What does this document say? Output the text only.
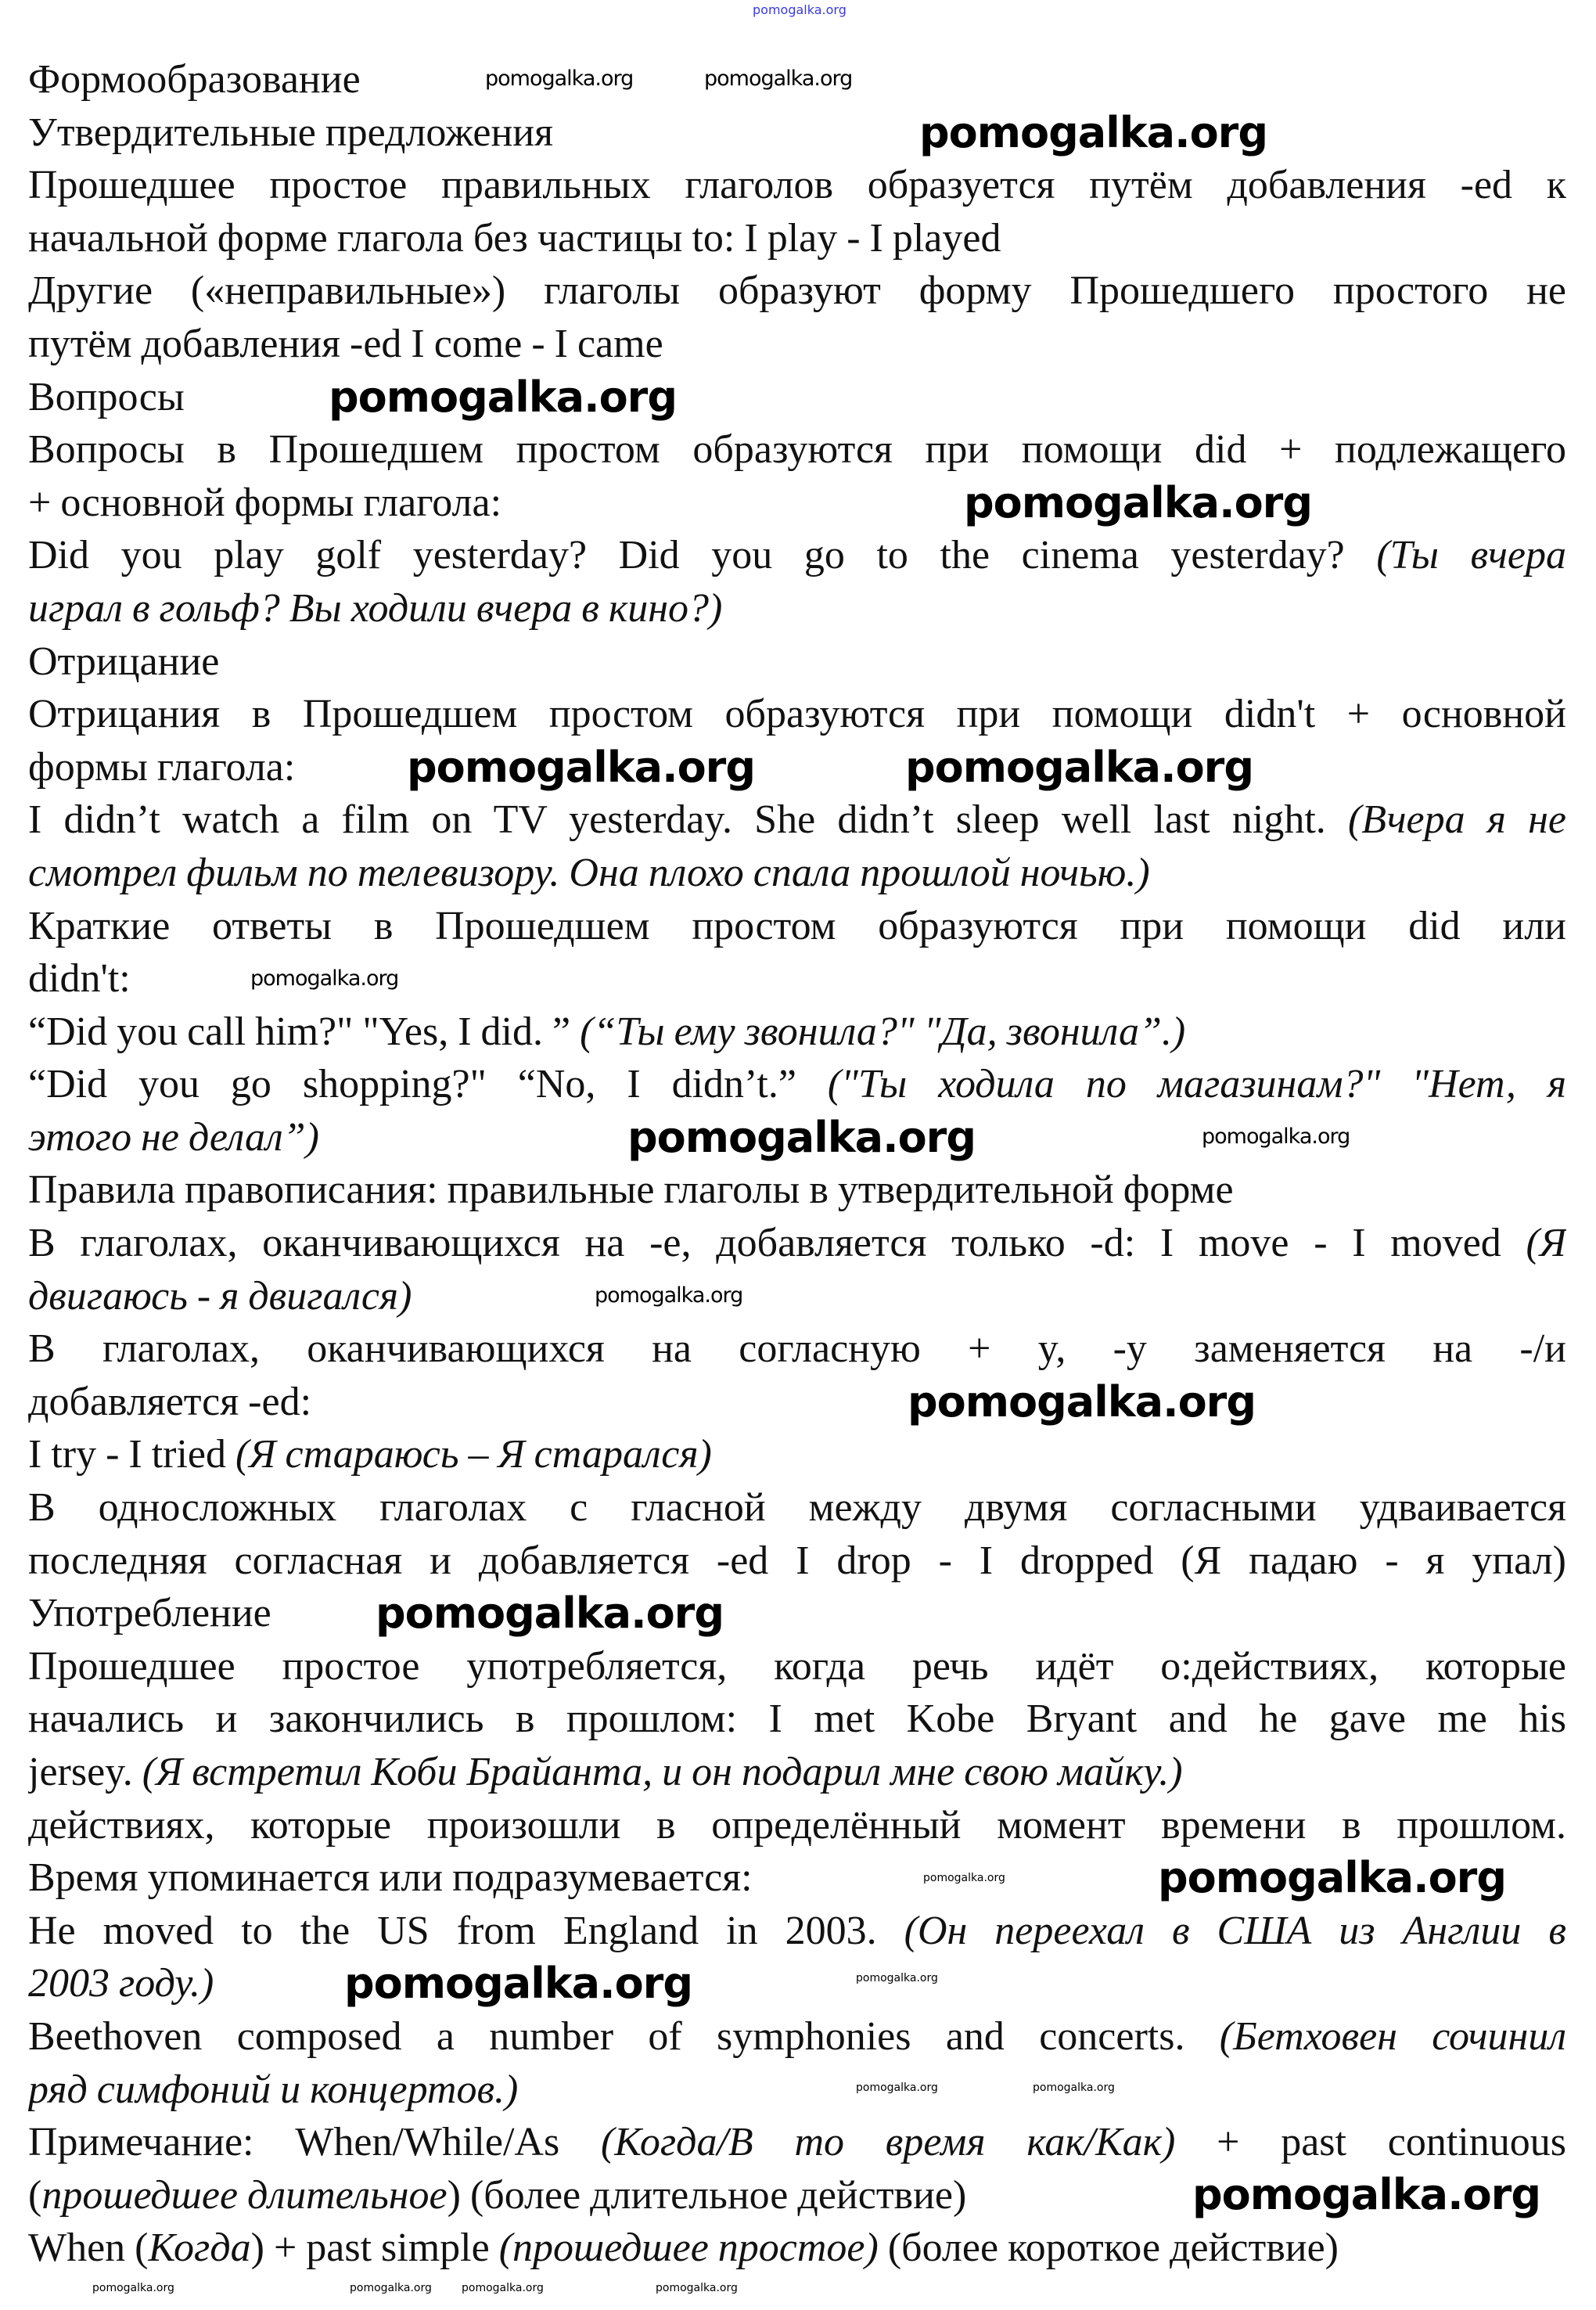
Формообразование
Утвердительные предложения
Прошедшее простое правильных глаголов образуется путём добавления -ed к
начальной форме глагола без частицы to: I play - I played
Другие («неправильные») глаголы образуют форму Прошедшего простого не
путём добавления -ed I come - I came
Вопросы
Вопросы в Прошедшем простом образуются при помощи did + подлежащего
+ основной формы глагола:
Did you play golf yesterday? Did you go to the cinema yesterday? (Ты вчера
играл в гольф? Вы ходили вчера в кино?)
Отрицание
Отрицания в Прошедшем простом образуются при помощи didn't + основной
формы глагола:
I didn’t watch a film on TV yesterday. She didn’t sleep well last night. (Вчера я не
смотрел фильм по телевизору. Она плохо спала прошлой ночью.)
Краткие ответы в Прошедшем простом образуются при помощи did или
didn't:
“Did you call him?" "Yes, I did. ” (“Ты ему звонила?" "Да, звонила”.)
“Did you go shopping?" “No, I didn’t.” ("Ты ходила по магазинам?" "Нет, я
этого не делал”)
Правила правописания: правильные глаголы в утвердительной форме
В глаголах, оканчивающихся на -е, добавляется только -d: I move - I moved (Я
двигаюсь - я двигался)
В глаголах, оканчивающихся на согласную + y, -y заменяется на -/и
добавляется -ed:
I try - I tried (Я стараюсь – Я старался)
В односложных глаголах с гласной между двумя согласными удваивается
последняя согласная и добавляется -ed I drop - I dropped (Я падаю - я упал)
Употребление
Прошедшее простое употребляется, когда речь идёт о:действиях, которые
начались и закончились в прошлом: I met Kobe Bryant and he gave me his
jersey. (Я встретил Коби Брайанта, и он подарил мне свою майку.)
действиях, которые произошли в определённый момент времени в прошлом.
Время упоминается или подразумевается:
He moved to the US from England in 2003. (Он переехал в США из Англии в
2003 году.)
Beethoven composed a number of symphonies and concerts. (Бетховен сочинил
ряд симфоний и концертов.)
Примечание: When/While/As (Когда/В то время как/Как) + past continuous
(прошедшее длительное) (более длительное действие)
When (Когда) + past simple (прошедшее простое) (более короткое действие)
pomogalka.org
pomogalka.org	pomogalka.org
pomogalka.org
pomogalka.org
pomogalka.org
pomogalka.org	pomogalka.org
pomogalka.org
pomogalka.org
pomogalka.org
pomogalka.org
pomogalka.org
pomogalka.org
pomogalka.org	pomogalka.org
pomogalka.org
pomogalka.org
pomogalka.org	pomogalka.org
pomogalka.org
pomogalka.org	pomogalka.org	pomogalka.org	pomogalka.org
